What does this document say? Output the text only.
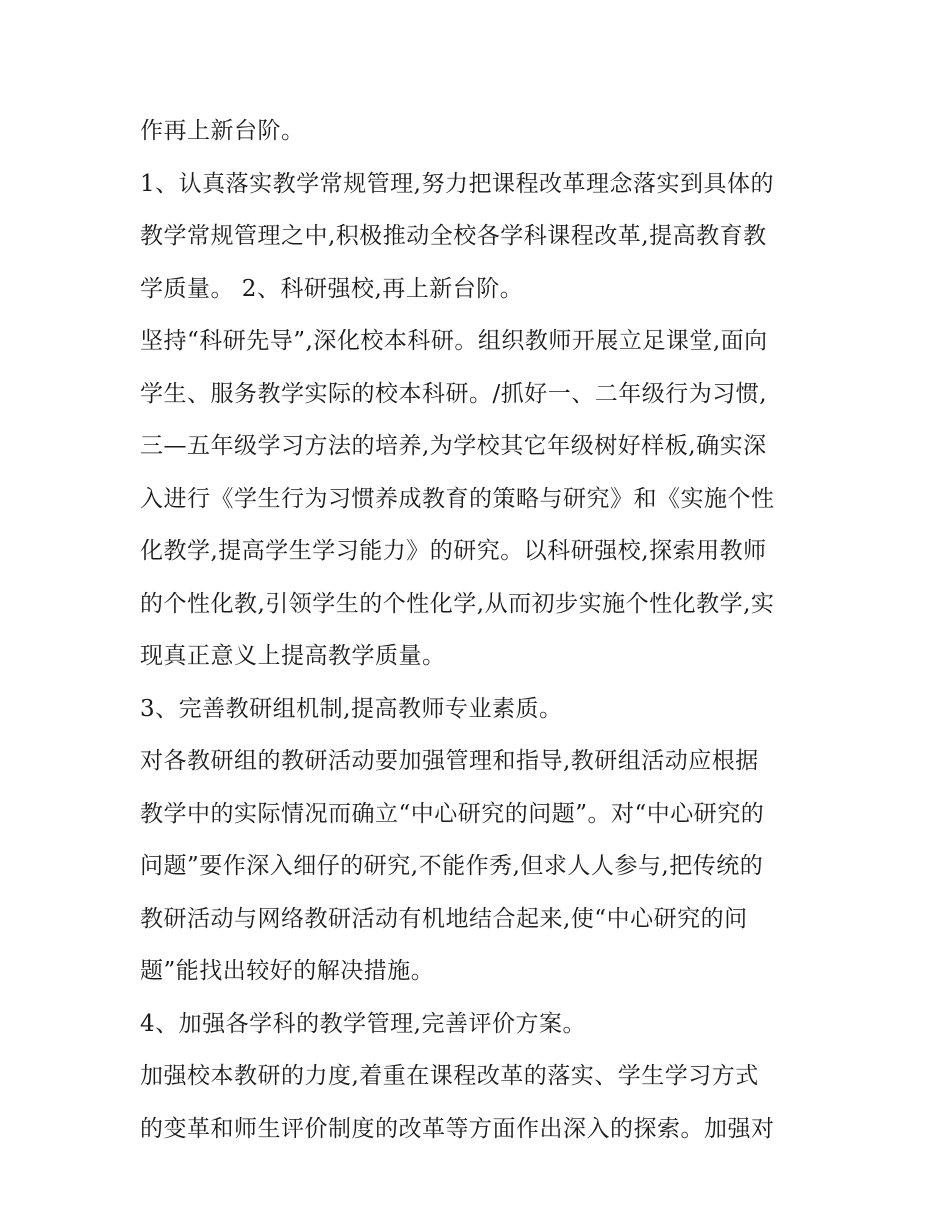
作再上新台阶。
1、认真落实教学常规管理,努力把课程改革理念落实到具体的
教学常规管理之中,积极推动全校各学科课程改革,提高教育教
学质量。 2、科研强校,再上新台阶。
坚持“科研先导”,深化校本科研。组织教师开展立足课堂,面向
学生、服务教学实际的校本科研。/抓好一、二年级行为习惯,
三—五年级学习方法的培养,为学校其它年级树好样板,确实深
入进行《学生行为习惯养成教育的策略与研究》和《实施个性
化教学,提高学生学习能力》的研究。以科研强校,探索用教师
的个性化教,引领学生的个性化学,从而初步实施个性化教学,实
现真正意义上提高教学质量。
3、完善教研组机制,提高教师专业素质。
对各教研组的教研活动要加强管理和指导,教研组活动应根据
教学中的实际情况而确立“中心研究的问题”。对“中心研究的
问题”要作深入细仔的研究,不能作秀,但求人人参与,把传统的
教研活动与网络教研活动有机地结合起来,使“中心研究的问
题”能找出较好的解决措施。
4、加强各学科的教学管理,完善评价方案。
加强校本教研的力度,着重在课程改革的落实、学生学习方式
的变革和师生评价制度的改革等方面作出深入的探索。加强对
